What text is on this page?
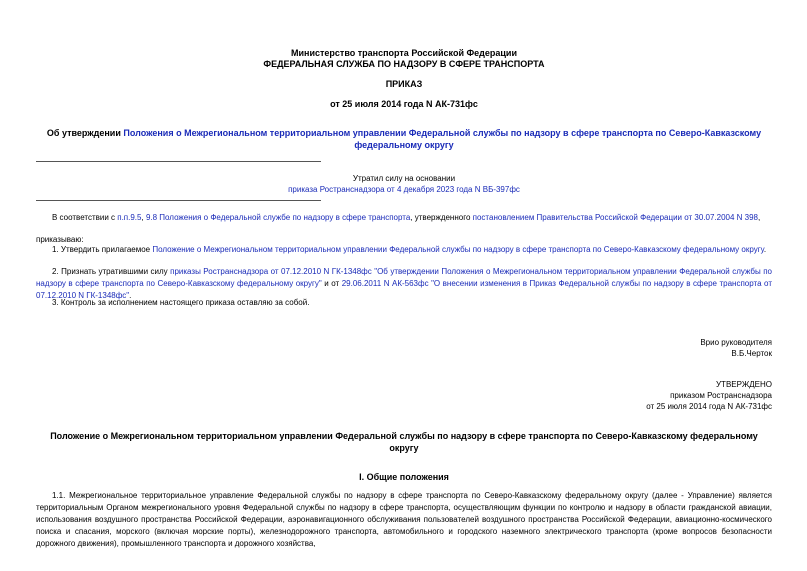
Министерство транспорта Российской Федерации
ФЕДЕРАЛЬНАЯ СЛУЖБА ПО НАДЗОРУ В СФЕРЕ ТРАНСПОРТА
ПРИКАЗ
от 25 июля 2014 года N АК-731фс
Об утверждении Положения о Межрегиональном территориальном управлении Федеральной службы по надзору в сфере транспорта по Северо-Кавказскому федеральному округу
Утратил силу на основании
приказа Ространснадзора от 4 декабря 2023 года N ВБ-397фс
В соответствии с п.п.9.5, 9.8 Положения о Федеральной службе по надзору в сфере транспорта, утвержденного постановлением Правительства Российской Федерации от 30.07.2004 N 398,
приказываю:
1. Утвердить прилагаемое Положение о Межрегиональном территориальном управлении Федеральной службы по надзору в сфере транспорта по Северо-Кавказскому федеральному округу.
2. Признать утратившими силу приказы Ространснадзора от 07.12.2010 N ГК-1348фс "Об утверждении Положения о Межрегиональном территориальном управлении Федеральной службы по надзору в сфере транспорта по Северо-Кавказскому федеральному округу" и от 29.06.2011 N АК-563фс "О внесении изменения в Приказ Федеральной службы по надзору в сфере транспорта от 07.12.2010 N ГК-1348фс".
3. Контроль за исполнением настоящего приказа оставляю за собой.
Врио руководителя
В.Б.Черток
УТВЕРЖДЕНО
приказом Ространснадзора
от 25 июля 2014 года N АК-731фс
Положение о Межрегиональном территориальном управлении Федеральной службы по надзору в сфере транспорта по Северо-Кавказскому федеральному округу
I. Общие положения
1.1. Межрегиональное территориальное управление Федеральной службы по надзору в сфере транспорта по Северо-Кавказскому федеральному округу (далее - Управление) является территориальным Органом межрегионального уровня Федеральной службы по надзору в сфере транспорта, осуществляющим функции по контролю и надзору в области гражданской авиации, использования воздушного пространства Российской Федерации, аэронавигационного обслуживания пользователей воздушного пространства Российской Федерации, авиационно-космического поиска и спасания, морского (включая морские порты), железнодорожного транспорта, автомобильного и городского наземного электрического транспорта (кроме вопросов безопасности дорожного движения), промышленного транспорта и дорожного хозяйства,
